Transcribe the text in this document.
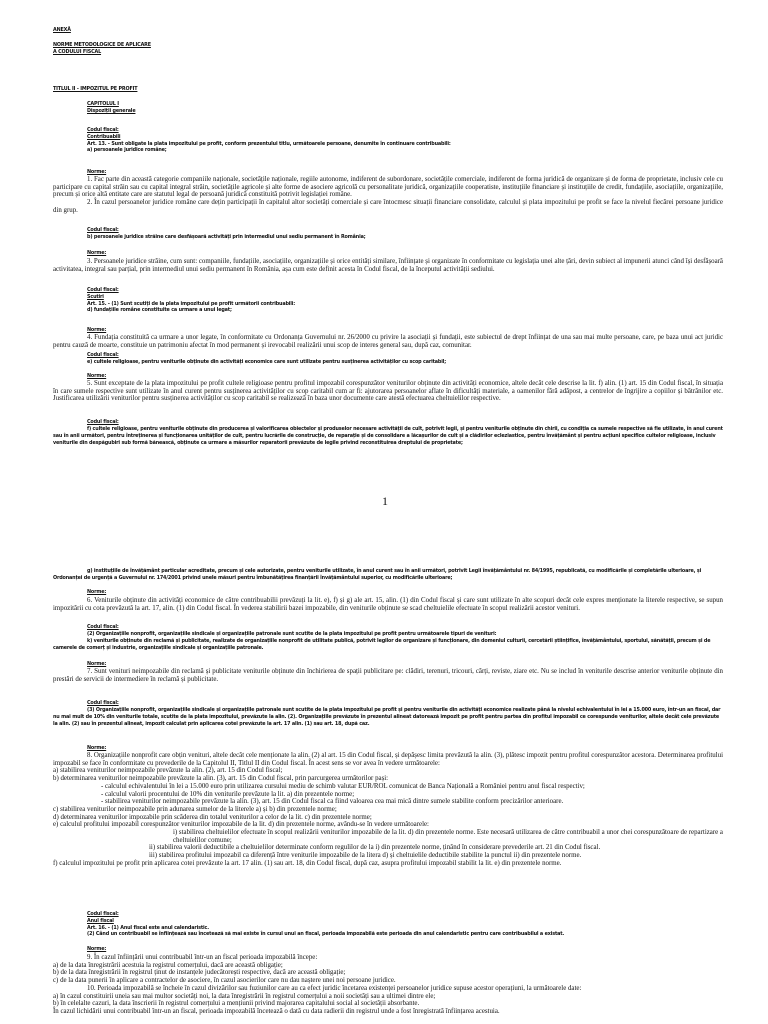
ANEXĂ

NORME METODOLOGICE DE APLICARE

A CODULUI FISCAL

TITLUL II - IMPOZITUL PE PROFIT

CAPITOLUL I

Dispoziții generale

Codul fiscal:

Contribuabili

Art. 13. - Sunt obligate la plata impozitului pe profit, conform prezentului titlu, următoarele persoane, denumite în continuare contribuabili:

a) persoanele juridice române;

Norme:

1. Fac parte din această categorie companiile naționale, societățile naționale, regiile autonome, indiferent de subordonare, societățile comerciale, indiferent de forma juridică de organizare și de forma de proprietate, inclusiv cele cu participare cu capital străin sau cu capital integral străin, societățile agricole și alte forme de asociere agricolă cu personalitate juridică, organizațiile cooperatiste, instituțiile financiare și instituțiile de credit, fundațiile, asociațiile, organizațiile, precum și orice altă entitate care are statutul legal de persoană juridică constituită potrivit legislației române.

2. În cazul persoanelor juridice române care dețin participații în capitalul altor societăți comerciale și care întocmesc situații financiare consolidate, calculul și plata impozitului pe profit se face la nivelul fiecărei persoane juridice din grup.

Codul fiscal:

b) persoanele juridice străine care desfășoară activități prin intermediul unui sediu permanent în România;

Norme:

3. Persoanele juridice străine, cum sunt: companiile, fundațiile, asociațiile, organizațiile și orice entități similare, înființate și organizate în conformitate cu legislația unei alte țări, devin subiect al impunerii atunci când își desfășoară activitatea, integral sau parțial, prin intermediul unui sediu permanent în România, așa cum este definit acesta în Codul fiscal, de la începutul activității sediului.

Codul fiscal:

Scutiri

Art. 15. - (1) Sunt scutiți de la plata impozitului pe profit următorii contribuabili:

d) fundațiile române constituite ca urmare a unui legat;

Norme:

4. Fundația constituită ca urmare a unor legate, în conformitate cu Ordonanța Guvernului nr. 26/2000 cu privire la asociații și fundații, este subiectul de drept înființat de una sau mai multe persoane, care, pe baza unui act juridic pentru cauză de moarte, constituie un patrimoniu afectat în mod permanent și irevocabil realizării unui scop de interes general sau, după caz, comunitar.

Codul fiscal:

e) cultele religioase, pentru veniturile obținute din activități economice care sunt utilizate pentru susținerea activităților cu scop caritabil;

Norme:

5. Sunt exceptate de la plata impozitului pe profit cultele religioase pentru profitul impozabil corespunzător veniturilor obținute din activități economice, altele decât cele descrise la lit. f) alin. (1) art. 15 din Codul fiscal, în situația în care sumele respective sunt utilizate în anul curent pentru susținerea activităților cu scop caritabil cum ar fi: ajutorarea persoanelor aflate în dificultăți materiale, a oamenilor fără adăpost, a centrelor de îngrijire a copiilor și bătrânilor etc. Justificarea utilizării veniturilor pentru susținerea activităților cu scop caritabil se realizează în baza unor documente care atestă efectuarea cheltuielilor respective.

Codul fiscal:

f) cultele religioase, pentru veniturile obținute din producerea și valorificarea obiectelor și produselor necesare activității de cult, potrivit legii, și pentru veniturile obținute din chirii, cu condiția ca sumele respective să fie utilizate, în anul curent sau în anii următori, pentru întreținerea și funcționarea unităților de cult, pentru lucrările de construcție, de reparație și de consolidare a lăcașurilor de cult și a clădirilor ecleziastice, pentru învățământ și pentru acțiuni specifice cultelor religioase, inclusiv veniturile din despăgubiri sub formă bănească, obținute ca urmare a măsurilor reparatorii prevăzute de legile privind reconstituirea dreptului de proprietate;

1

g) instituțiile de învățământ particular acreditate, precum și cele autorizate, pentru veniturile utilizate, în anul curent sau în anii următori, potrivit Legii învățământului nr. 84/1995, republicată, cu modificările și completările ulterioare, și Ordonanței de urgență a Guvernului nr. 174/2001 privind unele măsuri pentru îmbunătățirea finanțării învățământului superior, cu modificările ulterioare;

Norme:

6. Veniturile obținute din activități economice de către contribuabilii prevăzuți la lit. e), f) și g) ale art. 15, alin. (1) din Codul fiscal și care sunt utilizate în alte scopuri decât cele expres menționate la literele respective, se supun impozitării cu cota prevăzută la art. 17, alin. (1) din Codul fiscal. În vederea stabilirii bazei impozabile, din veniturile obținute se scad cheltuielile efectuate în scopul realizării acestor venituri.

Codul fiscal:

(2) Organizațiile nonprofit, organizațiile sindicale și organizațiile patronale sunt scutite de la plata impozitului pe profit pentru următoarele tipuri de venituri:

k) veniturile obținute din reclamă și publicitate, realizate de organizațiile nonprofit de utilitate publică, potrivit legilor de organizare și funcționare, din domeniul culturii, cercetării științifice, învățământului, sportului, sănătății, precum și de camerele de comerț și industrie, organizațiile sindicale și organizațiile patronale.

Norme:

7. Sunt venituri neimpozabile din reclamă și publicitate veniturile obținute din închirierea de spații publicitare pe: clădiri, terenuri, tricouri, cărți, reviste, ziare etc. Nu se includ în veniturile descrise anterior veniturile obținute din prestări de servicii de intermediere în reclamă și publicitate.

Codul fiscal:

(3) Organizațiile nonprofit, organizațiile sindicale și organizațiile patronale sunt scutite de la plata impozitului pe profit și pentru veniturile din activități economice realizate până la nivelul echivalentului în lei a 15.000 euro, într-un an fiscal, dar nu mai mult de 10% din veniturile totale, scutite de la plata impozitului, prevăzute la alin. (2). Organizațiile prevăzute în prezentul alineat datorează impozit pe profit pentru partea din profitul impozabil ce corespunde veniturilor, altele decât cele prevăzute la alin. (2) sau în prezentul alineat, impozit calculat prin aplicarea cotei prevăzute la art. 17 alin. (1) sau art. 18, după caz.

Norme:

8. Organizațiile nonprofit care obțin venituri, altele decât cele menționate la alin. (2) al art. 15 din Codul fiscal, și depășesc limita prevăzută la alin. (3), plătesc impozit pentru profitul corespunzător acestora. Determinarea profitului impozabil se face în conformitate cu prevederile de la Capitolul II, Titlul II din Codul fiscal. În acest sens se vor avea în vedere următoarele:

a) stabilirea veniturilor neimpozabile prevăzute la alin. (2), art. 15 din Codul fiscal;

b) determinarea veniturilor neimpozabile prevăzute la alin. (3), art. 15 din Codul fiscal, prin parcurgerea următorilor pași:

- calculul echivalentului în lei a 15.000 euro prin utilizarea cursului mediu de schimb valutar EUR/ROL comunicat de Banca Națională a României pentru anul fiscal respectiv;

- calculul valorii procentului de 10% din veniturile prevăzute la lit. a) din prezentele norme;

- stabilirea veniturilor neimpozabile prevăzute la alin. (3), art. 15 din Codul fiscal ca fiind valoarea cea mai mică dintre sumele stabilite conform precizărilor anterioare.

c) stabilirea veniturilor neimpozabile prin adunarea sumelor de la literele a) și b) din prezentele norme;

d) determinarea veniturilor impozabile prin scăderea din totalul veniturilor a celor de la lit. c) din prezentele norme;

e) calculul profitului impozabil corespunzător veniturilor impozabile de la lit. d) din prezentele norme, avându-se în vedere următoarele:

i) stabilirea cheltuielilor efectuate în scopul realizării veniturilor impozabile de la lit. d) din prezentele norme. Este necesară utilizarea de către contribuabil a unor chei corespunzătoare de repartizare a cheltuielilor comune;

ii) stabilirea valorii deductibile a cheltuielilor determinate conform regulilor de la i) din prezentele norme, ținând în considerare prevederile art. 21 din Codul fiscal.

iii) stabilirea profitului impozabil ca diferență între veniturile impozabile de la litera d) și cheltuielile deductibile stabilite la punctul ii) din prezentele norme.

f) calculul impozitului pe profit prin aplicarea cotei prevăzute la art. 17 alin. (1) sau art. 18, din Codul fiscal, după caz, asupra profitului impozabil stabilit la lit. e) din prezentele norme.

Codul fiscal:

Anul fiscal

Art. 16. - (1) Anul fiscal este anul calendaristic.

(2) Când un contribuabil se înființează sau încetează să mai existe în cursul unui an fiscal, perioada impozabilă este perioada din anul calendaristic pentru care contribuabilul a existat.

Norme:

9. În cazul înființării unui contribuabil într-un an fiscal perioada impozabilă începe:

a) de la data înregistrării acestuia la registrul comerțului, dacă are această obligație;

b) de la data înregistrării în registrul ținut de instanțele judecătorești respective, dacă are această obligație;

c) de la data punerii în aplicare a contractelor de asociere, în cazul asocierilor care nu dau naștere unei noi persoane juridice.

10. Perioada impozabilă se încheie în cazul divizărilor sau fuziunilor care au ca efect juridic încetarea existenței persoanelor juridice supuse acestor operațiuni, la următoarele date:

a) în cazul constituirii uneia sau mai multor societăți noi, la data înregistrării în registrul comerțului a noii societăți sau a ultimei dintre ele;

b) în celelalte cazuri, la data înscrierii în registrul comerțului a mențiunii privind majorarea capitalului social al societății absorbante.

În cazul lichidării unui contribuabil într-un an fiscal, perioada impozabilă încetează o dată cu data radierii din registrul unde a fost înregistrată înființarea acestuia.
